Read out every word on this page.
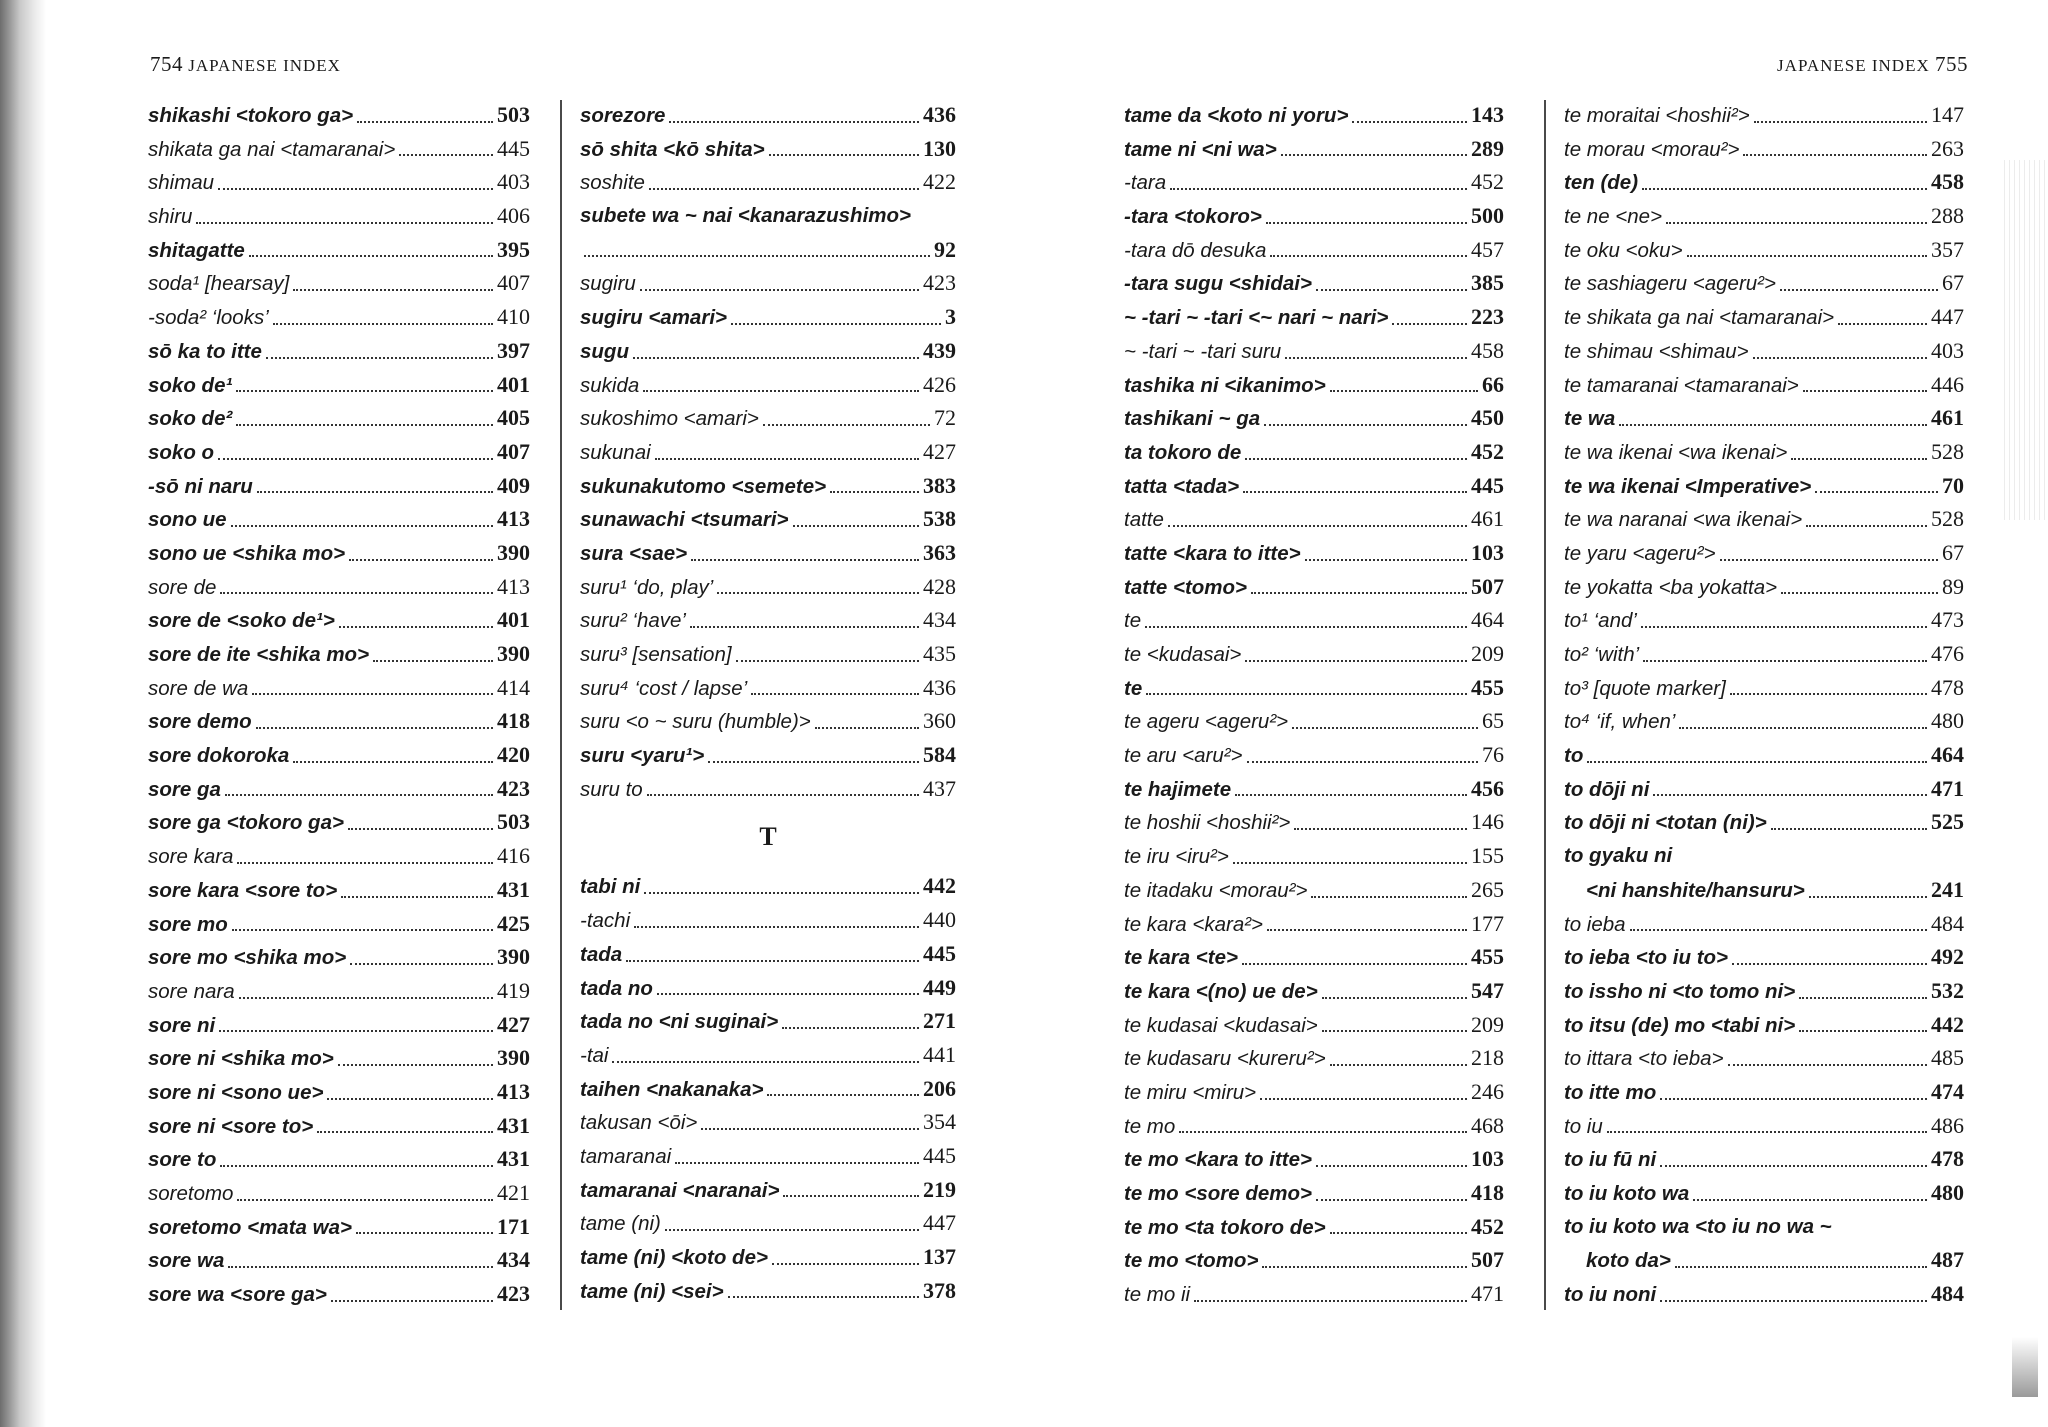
754 JAPANESE INDEX
shikashi <tokoro ga>	503
shikata ga nai <tamaranai>	445
shimau	403
shiru	406
shitagatte	395
soda¹ [hearsay]	407
-soda² ‘looks’	410
sō ka to itte	397
soko de¹	401
soko de²	405
soko o	407
-sō ni naru	409
sono ue	413
sono ue <shika mo>	390
sore de	413
sore de <soko de¹>	401
sore de ite <shika mo>	390
sore de wa	414
sore demo	418
sore dokoroka	420
sore ga	423
sore ga <tokoro ga>	503
sore kara	416
sore kara <sore to>	431
sore mo	425
sore mo <shika mo>	390
sore nara	419
sore ni	427
sore ni <shika mo>	390
sore ni <sono ue>	413
sore ni <sore to>	431
sore to	431
soretomo	421
soretomo <mata wa>	171
sore wa	434
sore wa <sore ga>	423
sorezore	436
sō shita <kō shita>	130
soshite	422
subete wa ~ nai <kanarazushimo>
92
sugiru	423
sugiru <amari>	3
sugu	439
sukida	426
sukoshimo <amari>	72
sukunai	427
sukunakutomo <semete>	383
sunawachi <tsumari>	538
sura <sae>	363
suru¹ ‘do, play’	428
suru² ‘have’	434
suru³ [sensation]	435
suru⁴ ‘cost / lapse’	436
suru <o ~ suru (humble)>	360
suru <yaru¹>	584
suru to	437
T
tabi ni	442
-tachi	440
tada	445
tada no	449
tada no <ni suginai>	271
-tai	441
taihen <nakanaka>	206
takusan <ōi>	354
tamaranai	445
tamaranai <naranai>	219
tame (ni)	447
tame (ni) <koto de>	137
tame (ni) <sei>	378
JAPANESE INDEX 755
tame da <koto ni yoru>	143
tame ni <ni wa>	289
-tara	452
-tara <tokoro>	500
-tara dō desuka	457
-tara sugu <shidai>	385
~ -tari ~ -tari <~ nari ~ nari>	223
~ -tari ~ -tari suru	458
tashika ni <ikanimo>	66
tashikani ~ ga	450
ta tokoro de	452
tatta <tada>	445
tatte	461
tatte <kara to itte>	103
tatte <tomo>	507
te	464
te <kudasai>	209
te	455
te ageru <ageru²>	65
te aru <aru²>	76
te hajimete	456
te hoshii <hoshii²>	146
te iru <iru²>	155
te itadaku <morau²>	265
te kara <kara²>	177
te kara <te>	455
te kara <(no) ue de>	547
te kudasai <kudasai>	209
te kudasaru <kureru²>	218
te miru <miru>	246
te mo	468
te mo <kara to itte>	103
te mo <sore demo>	418
te mo <ta tokoro de>	452
te mo <tomo>	507
te mo ii	471
te moraitai <hoshii²>	147
te morau <morau²>	263
ten (de)	458
te ne <ne>	288
te oku <oku>	357
te sashiageru <ageru²>	67
te shikata ga nai <tamaranai>	447
te shimau <shimau>	403
te tamaranai <tamaranai>	446
te wa	461
te wa ikenai <wa ikenai>	528
te wa ikenai <Imperative>	70
te wa naranai <wa ikenai>	528
te yaru <ageru²>	67
te yokatta <ba yokatta>	89
to¹ ‘and’	473
to² ‘with’	476
to³ [quote marker]	478
to⁴ ‘if, when’	480
to	464
to dōji ni	471
to dōji ni <totan (ni)>	525
to gyaku ni
<ni hanshite/hansuru>	241
to ieba	484
to ieba <to iu to>	492
to issho ni <to tomo ni>	532
to itsu (de) mo <tabi ni>	442
to ittara <to ieba>	485
to itte mo	474
to iu	486
to iu fū ni	478
to iu koto wa	480
to iu koto wa <to iu no wa ~
koto da>	487
to iu noni	484
